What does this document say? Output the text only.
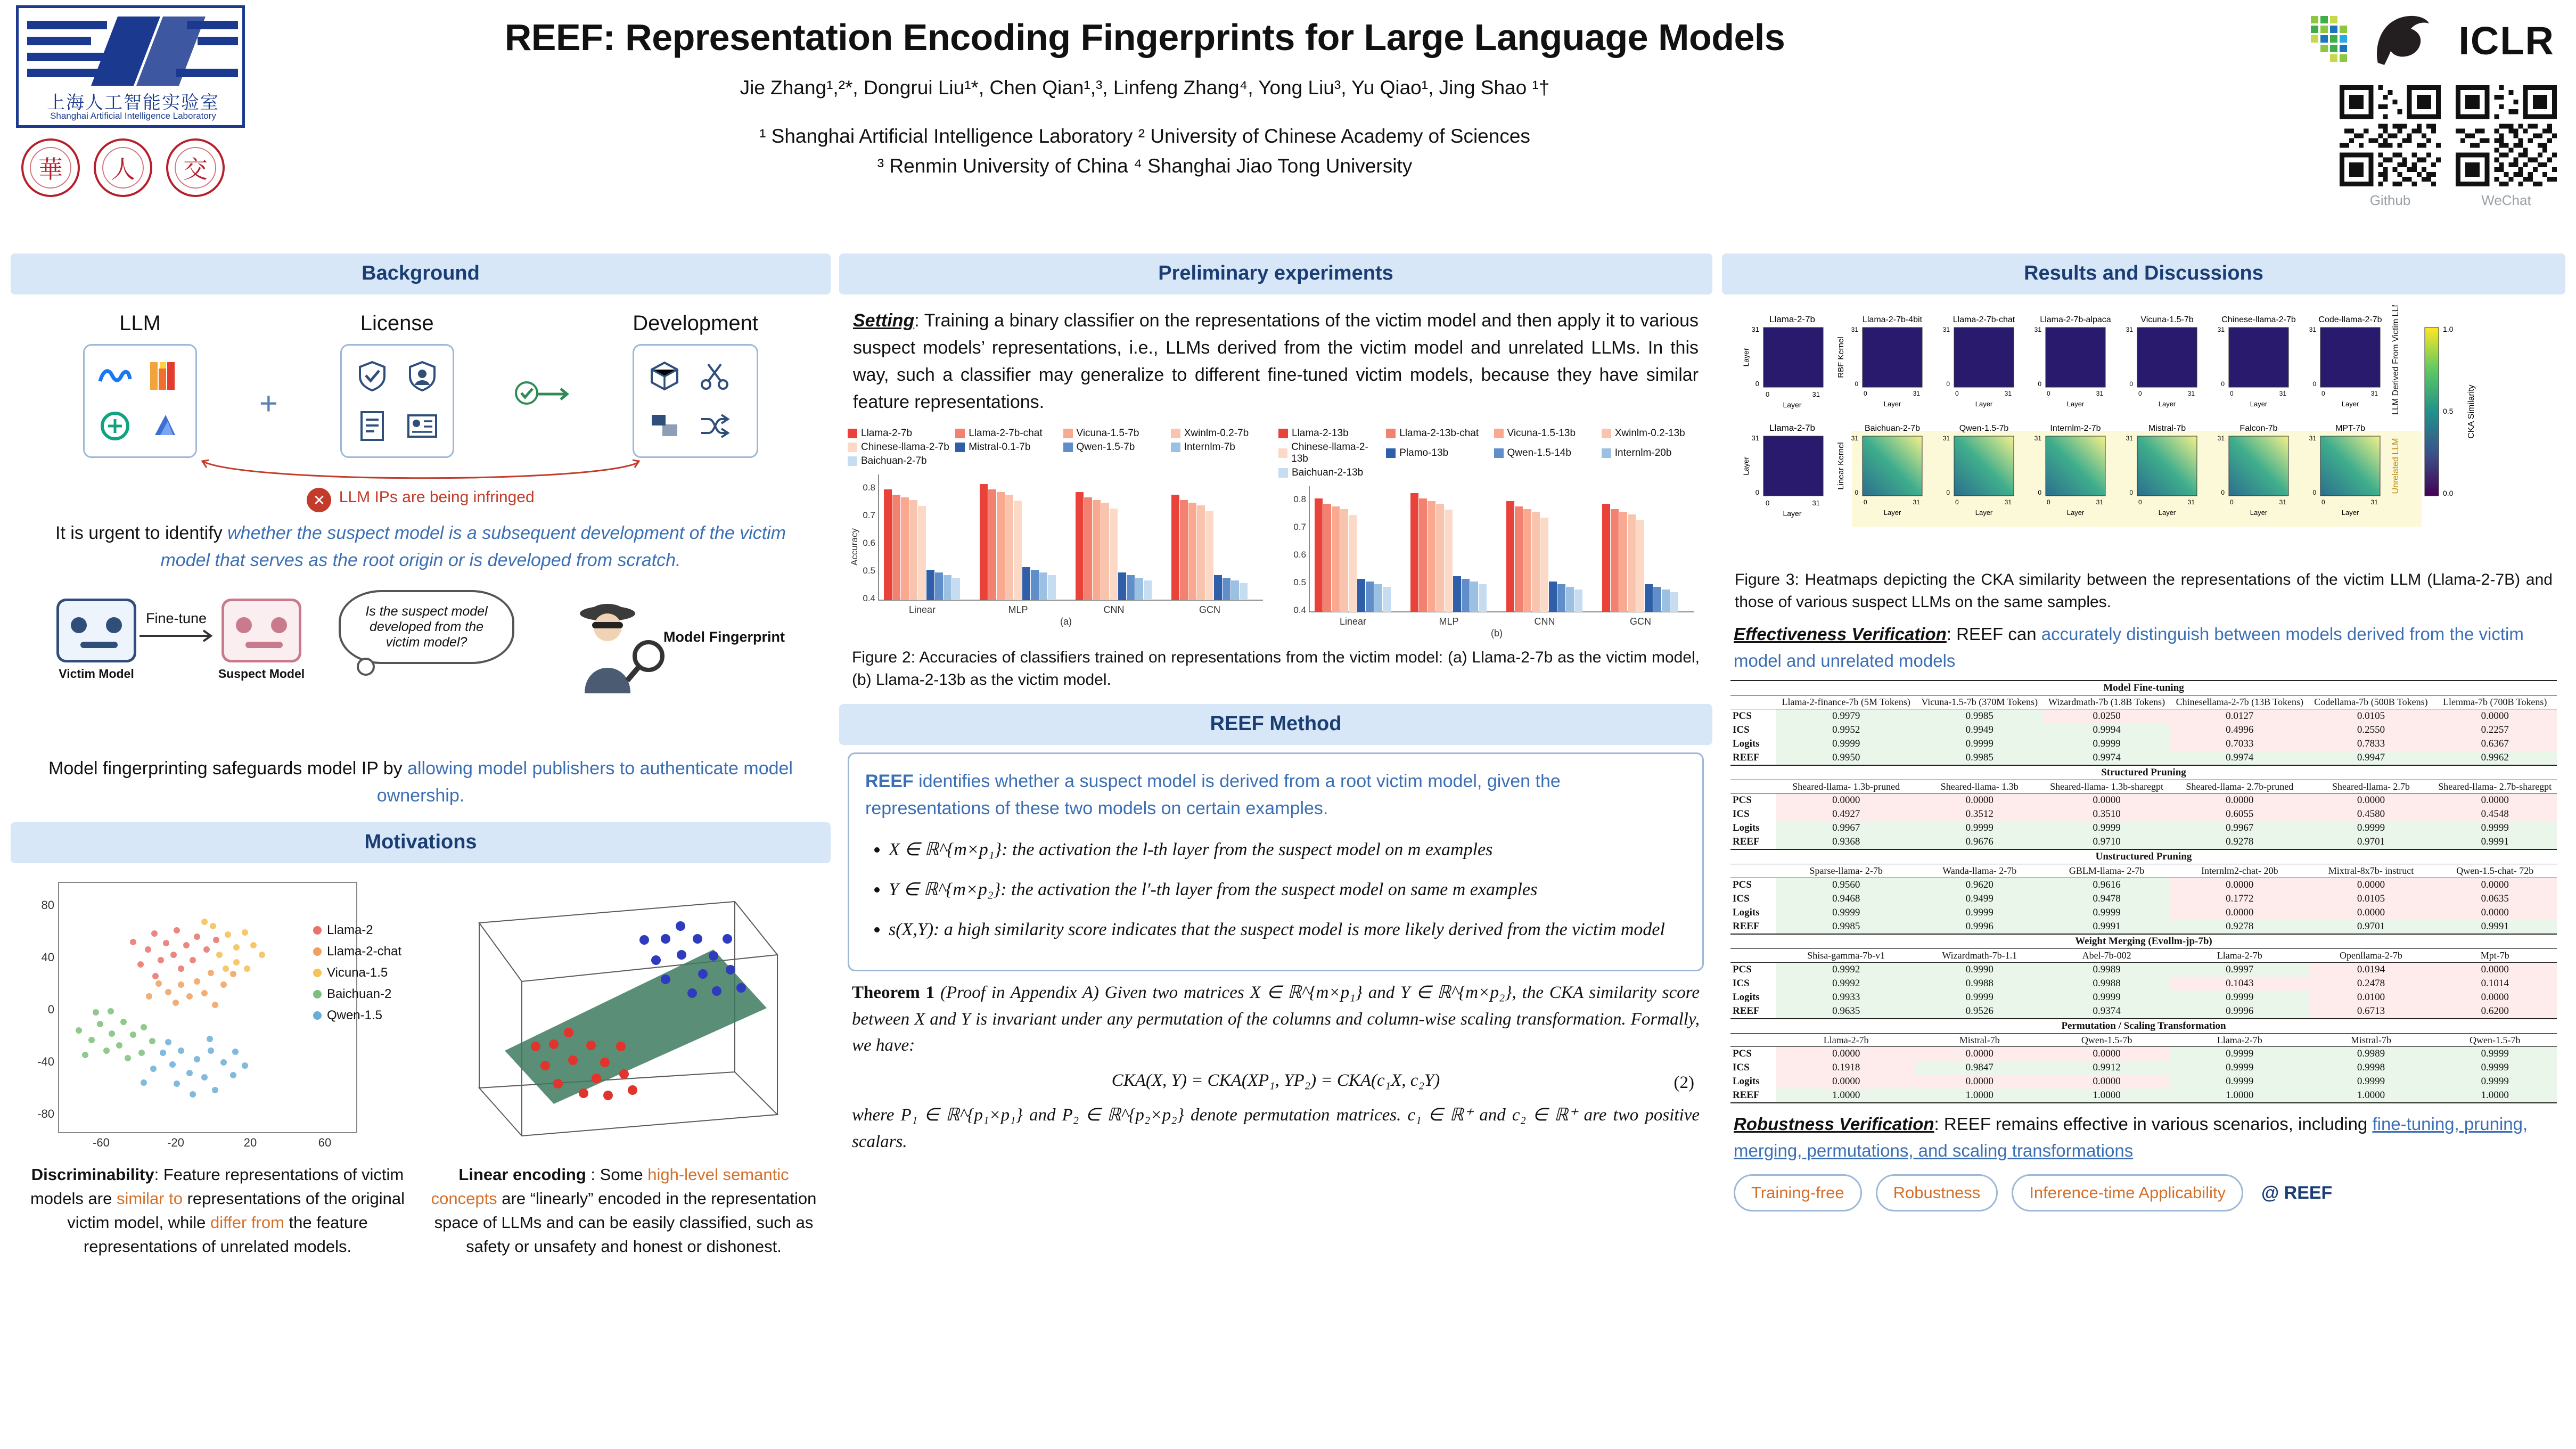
上海人工智能实验室
Shanghai Artificial Intelligence Laboratory
華	人	交
REEF: Representation Encoding Fingerprints for Large Language Models
Jie Zhang¹,²*, Dongrui Liu¹*, Chen Qian¹,³, Linfeng Zhang⁴, Yong Liu³, Yu Qiao¹, Jing Shao ¹†
¹ Shanghai Artificial Intelligence Laboratory ² University of Chinese Academy of Sciences
³ Renmin University of China ⁴ Shanghai Jiao Tong University
ICLR
Github	WeChat
Background
LLM
+
License	Development
✕ LLM IPs are being infringed
It is urgent to identify whether the suspect model is a subsequent development of the victim model that serves as the root origin or is developed from scratch.
Victim Model
Fine-tune
Suspect Model
Is the suspect model developed from the victim model?	Model Fingerprint
Model fingerprinting safeguards model IP by allowing model publishers to authenticate model ownership.
Motivations
80
40
0
-40
-80
-60	-20	20	60
Llama-2
Llama-2-chat
Vicuna-1.5
Baichuan-2
Qwen-1.5
Discriminability: Feature representations of victim models are similar to representations of the original victim model, while differ from the feature representations of unrelated models.
Linear encoding : Some high-level semantic concepts are “linearly” encoded in the representation space of LLMs and can be easily classified, such as safety or unsafety and honest or dishonest.
Preliminary experiments
Setting: Training a binary classifier on the representations of the victim model and then apply it to various suspect models’ representations, i.e., LLMs derived from the victim model and unrelated LLMs. In this way, such a classifier may generalize to different fine-tuned victim models, because they have similar feature representations.
Llama-2-7b	Llama-2-7b-chat	Vicuna-1.5-7b	Xwinlm-0.2-7b
Chinese-llama-2-7b Mistral-0.1-7b	Qwen-1.5-7b	Internlm-7b
Baichuan-2-7b
0.4
0.5
0.6
0.7
0.8
Accuracy
Linear	MLP	CNN	GCN
(a)
Llama-2-13b	Llama-2-13b-chat	Vicuna-1.5-13b	Xwinlm-0.2-13b
Chinese-llama-2-13b
Plamo-13b	Qwen-1.5-14b	Internlm-20b
Baichuan-2-13b
0.4
0.5
0.6
0.7
0.8
Linear	MLP	CNN	GCN
(b)
Figure 2: Accuracies of classifiers trained on representations from the victim model: (a) Llama-2-7b as the victim model, (b) Llama-2-13b as the victim model.
REEF Method
REEF identifies whether a suspect model is derived from a root victim model, given the representations of these two models on certain examples.
• X ∈ ℝ^{m×p₁}: the activation the l-th layer from the suspect model on m examples
• Y ∈ ℝ^{m×p₂}: the activation the l′-th layer from the suspect model on same m examples
• s(X,Y): a high similarity score indicates that the suspect model is more likely derived from the victim model
Theorem 1 (Proof in Appendix A) Given two matrices X ∈ ℝ^{m×p₁} and Y ∈ ℝ^{m×p₂}, the CKA similarity score between X and Y is invariant under any permutation of the columns and column-wise scaling transformation. Formally, we have:
CKA(X, Y) = CKA(XP₁, YP₂) = CKA(c₁X, c₂Y)	(2)
where P₁ ∈ ℝ^{p₁×p₁} and P₂ ∈ ℝ^{p₂×p₂} denote permutation matrices. c₁ ∈ ℝ⁺ and c₂ ∈ ℝ⁺ are two positive scalars.
Results and Discussions
Llama-2-7b
31
0
Layer
0	31
Layer
Llama-2-7b
31
0
Layer
0	31
Layer
RBF Kernel
Linear Kernel
Llama-2-7b-4bit
31
0
0	31
Layer
Llama-2-7b-chat
31
0
0	31
Layer
Llama-2-7b-alpaca
31
0
0	31
Layer
Vicuna-1.5-7b
31
0
0	31
Layer
Chinese-llama-2-7b
31
0
0	31
Layer
Code-llama-2-7b
31
0
0	31
Layer
Baichuan-2-7b
31
0
0	31
Layer
Qwen-1.5-7b
31
0
0	31
Layer
Internlm-2-7b
31
0
0	31
Layer
Mistral-7b
31
0
0	31
Layer
Falcon-7b
31
0
0	31
Layer
MPT-7b
31
0
0	31
Layer
LLM Derived From Victim LLM
Unrelated LLM
1.0
0.5
0.0
CKA Similarity
Figure 3: Heatmaps depicting the CKA similarity between the representations of the victim LLM (Llama-2-7B) and those of various suspect LLMs on the same samples.
Effectiveness Verification: REEF can accurately distinguish between models derived from the victim model and unrelated models
Model Fine-tuning						
	Llama-2-finance-7b (5M Tokens)	Vicuna-1.5-7b (370M Tokens)	Wizardmath-7b (1.8B Tokens)	Chinesellama-2-7b (13B Tokens)	Codellama-7b (500B Tokens)	Llemma-7b (700B Tokens)
PCS	0.9979	0.9985	0.0250	0.0127	0.0105	0.0000
ICS	0.9952	0.9949	0.9994	0.4996	0.2550	0.2257
Logits	0.9999	0.9999	0.9999	0.7033	0.7833	0.6367
REEF	0.9950	0.9985	0.9974	0.9974	0.9947	0.9962
Structured Pruning						
	Sheared-llama- 1.3b-pruned	Sheared-llama- 1.3b	Sheared-llama- 1.3b-sharegpt	Sheared-llama- 2.7b-pruned	Sheared-llama- 2.7b	Sheared-llama- 2.7b-sharegpt
PCS	0.0000	0.0000	0.0000	0.0000	0.0000	0.0000
ICS	0.4927	0.3512	0.3510	0.6055	0.4580	0.4548
Logits	0.9967	0.9999	0.9999	0.9967	0.9999	0.9999
REEF	0.9368	0.9676	0.9710	0.9278	0.9701	0.9991
Unstructured Pruning						
	Sparse-llama- 2-7b	Wanda-llama- 2-7b	GBLM-llama- 2-7b	Internlm2-chat- 20b	Mixtral-8x7b- instruct	Qwen-1.5-chat- 72b
PCS	0.9560	0.9620	0.9616	0.0000	0.0000	0.0000
ICS	0.9468	0.9499	0.9478	0.1772	0.0105	0.0635
Logits	0.9999	0.9999	0.9999	0.0000	0.0000	0.0000
REEF	0.9985	0.9996	0.9991	0.9278	0.9701	0.9991
Weight Merging (Evollm-jp-7b)						
	Shisa-gamma-7b-v1	Wizardmath-7b-1.1	Abel-7b-002	Llama-2-7b	Openllama-2-7b	Mpt-7b
PCS	0.9992	0.9990	0.9989	0.9997	0.0194	0.0000
ICS	0.9992	0.9988	0.9988	0.1043	0.2478	0.1014
Logits	0.9933	0.9999	0.9999	0.9999	0.0100	0.0000
REEF	0.9635	0.9526	0.9374	0.9996	0.6713	0.6200
Permutation / Scaling Transformation						
	Llama-2-7b	Mistral-7b	Qwen-1.5-7b	Llama-2-7b	Mistral-7b	Qwen-1.5-7b
PCS	0.0000	0.0000	0.0000	0.9999	0.9989	0.9999
ICS	0.1918	0.9847	0.9912	0.9999	0.9998	0.9999
Logits	0.0000	0.0000	0.0000	0.9999	0.9999	0.9999
REEF	1.0000	1.0000	1.0000	1.0000	1.0000	1.0000
Robustness Verification: REEF remains effective in various scenarios, including fine-tuning, pruning, merging, permutations, and scaling transformations
Training-free	Robustness	Inference-time Applicability	@ REEF
